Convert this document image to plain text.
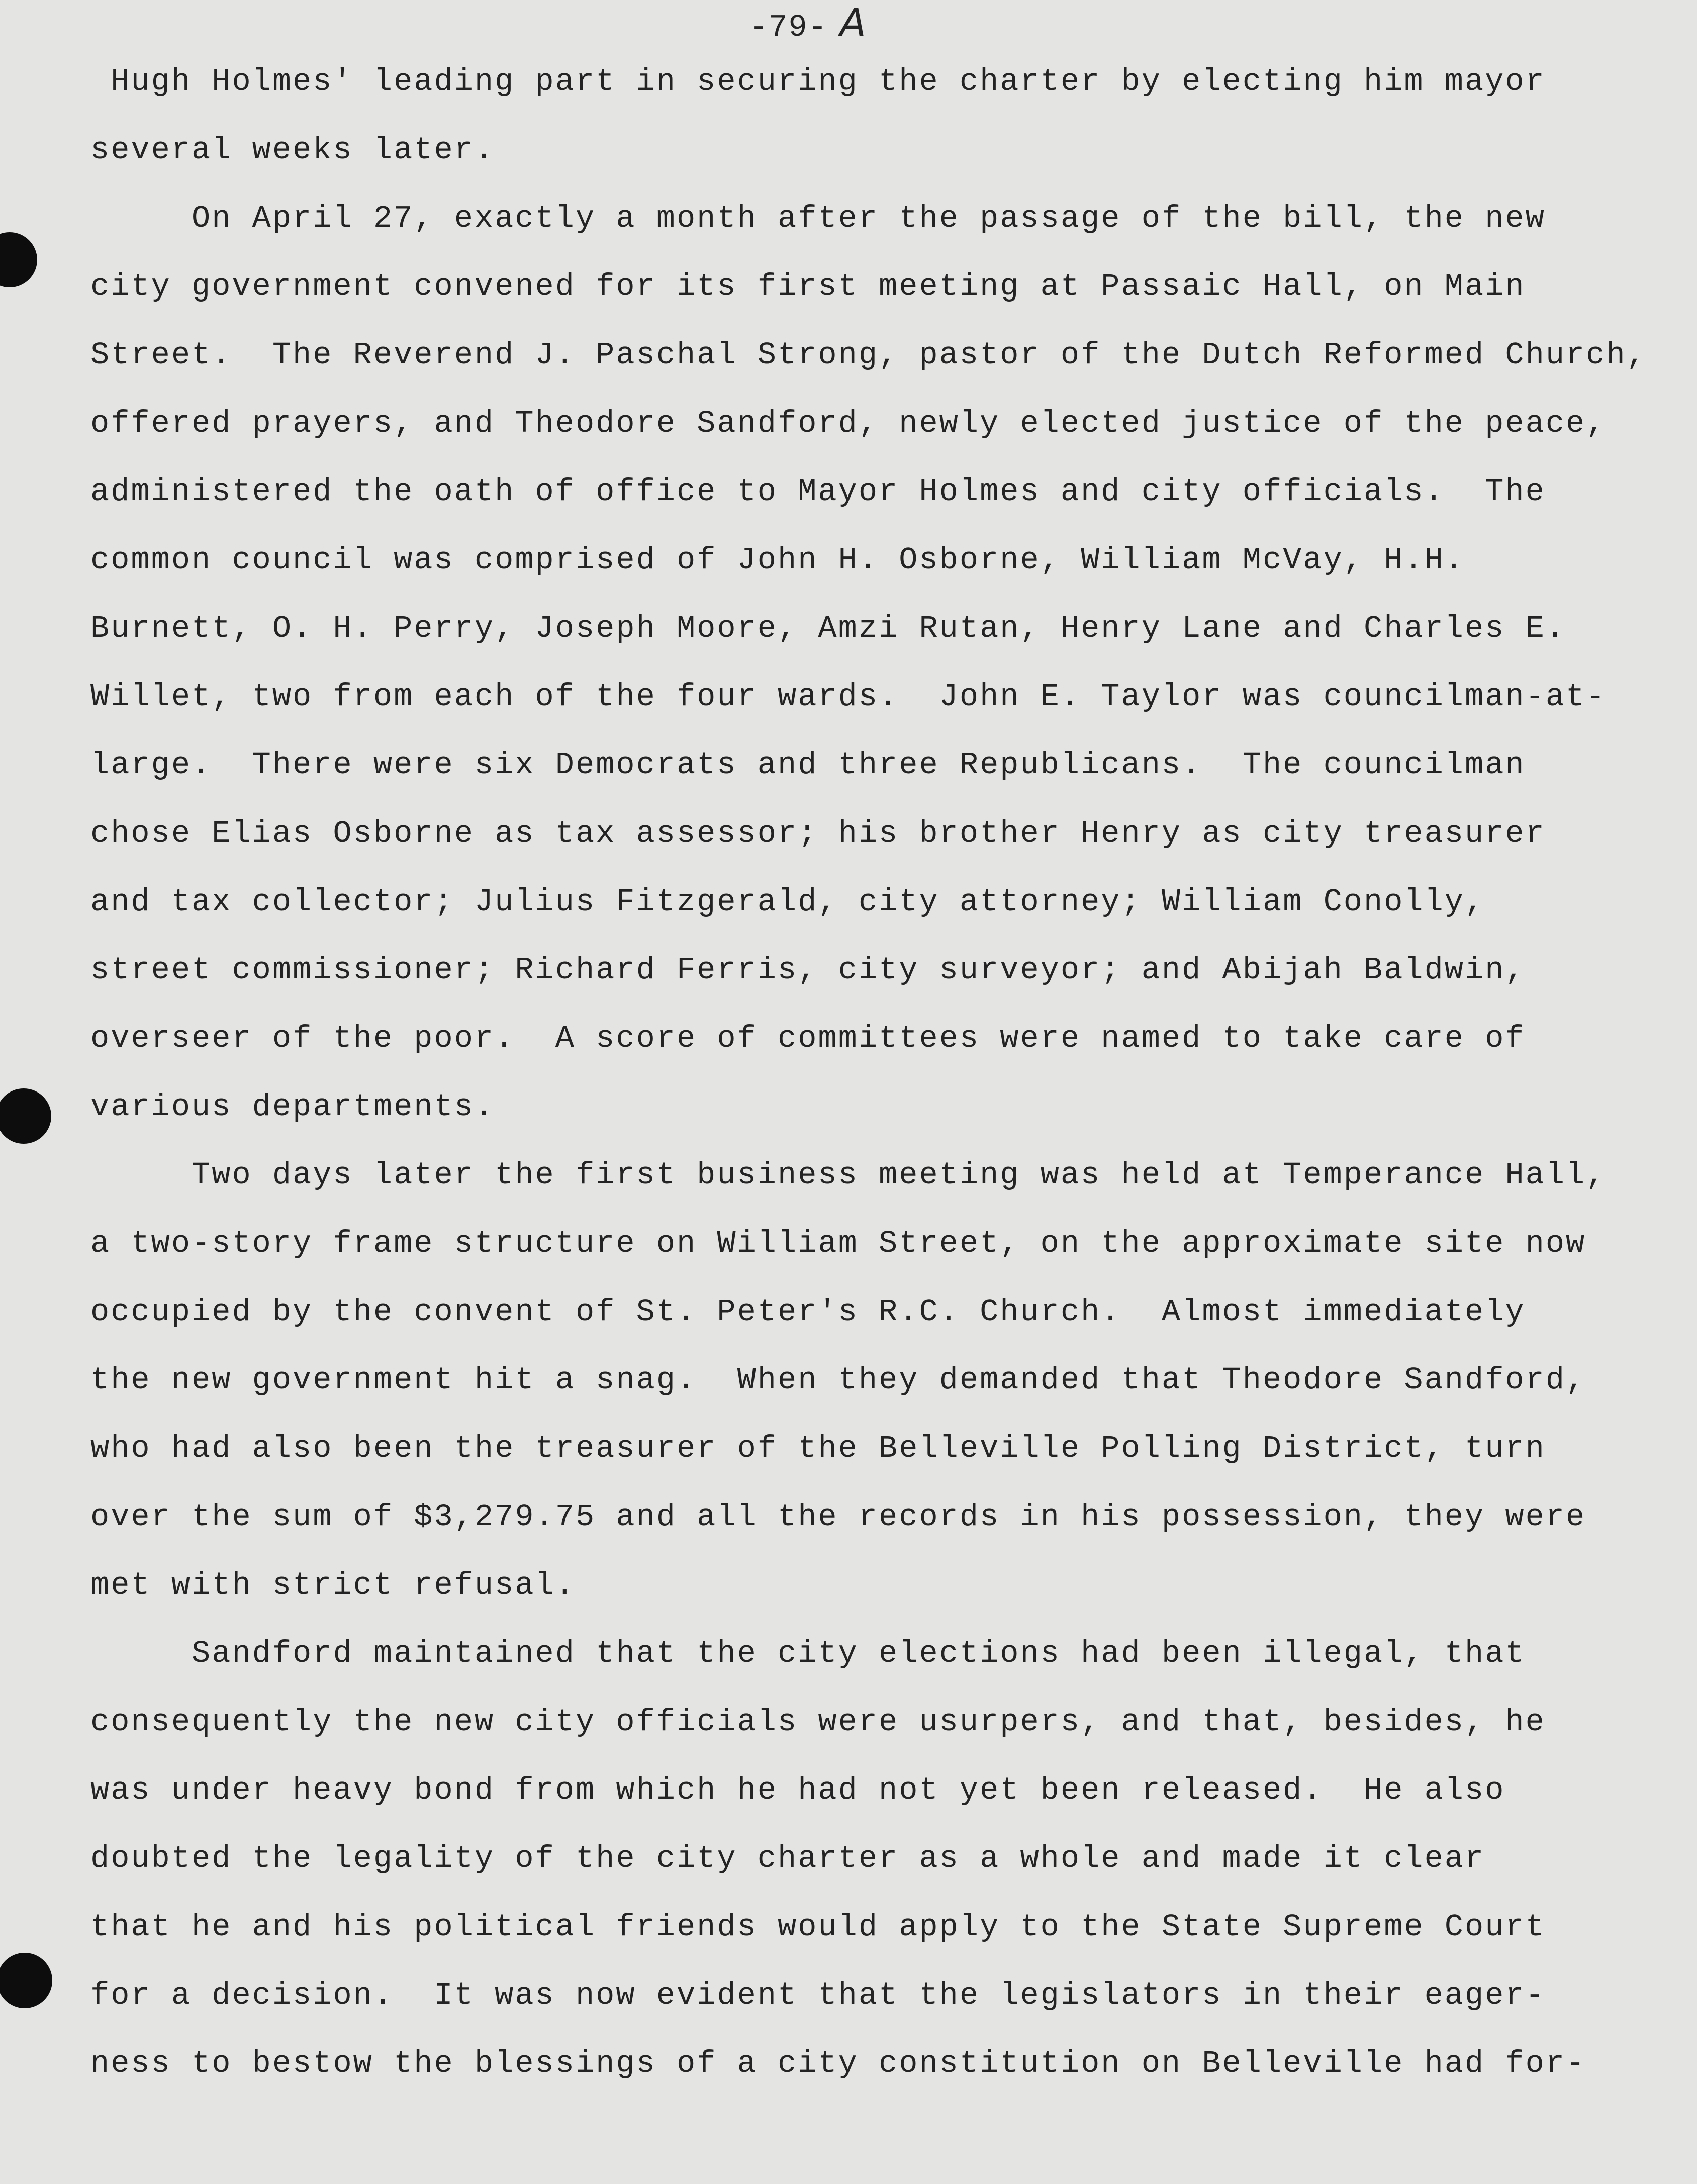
-79- A
Hugh Holmes' leading part in securing the charter by electing him mayor
several weeks later.
On April 27, exactly a month after the passage of the bill, the new
city government convened for its first meeting at Passaic Hall, on Main
Street.  The Reverend J. Paschal Strong, pastor of the Dutch Reformed Church,
offered prayers, and Theodore Sandford, newly elected justice of the peace,
administered the oath of office to Mayor Holmes and city officials.  The
common council was comprised of John H. Osborne, William McVay, H.H.
Burnett, O. H. Perry, Joseph Moore, Amzi Rutan, Henry Lane and Charles E.
Willet, two from each of the four wards.  John E. Taylor was councilman-at-
large.  There were six Democrats and three Republicans.  The councilman
chose Elias Osborne as tax assessor; his brother Henry as city treasurer
and tax collector; Julius Fitzgerald, city attorney; William Conolly,
street commissioner; Richard Ferris, city surveyor; and Abijah Baldwin,
overseer of the poor.  A score of committees were named to take care of
various departments.
Two days later the first business meeting was held at Temperance Hall,
a two-story frame structure on William Street, on the approximate site now
occupied by the convent of St. Peter's R.C. Church.  Almost immediately
the new government hit a snag.  When they demanded that Theodore Sandford,
who had also been the treasurer of the Belleville Polling District, turn
over the sum of $3,279.75 and all the records in his possession, they were
met with strict refusal.
Sandford maintained that the city elections had been illegal, that
consequently the new city officials were usurpers, and that, besides, he
was under heavy bond from which he had not yet been released.  He also
doubted the legality of the city charter as a whole and made it clear
that he and his political friends would apply to the State Supreme Court
for a decision.  It was now evident that the legislators in their eager-
ness to bestow the blessings of a city constitution on Belleville had for-
